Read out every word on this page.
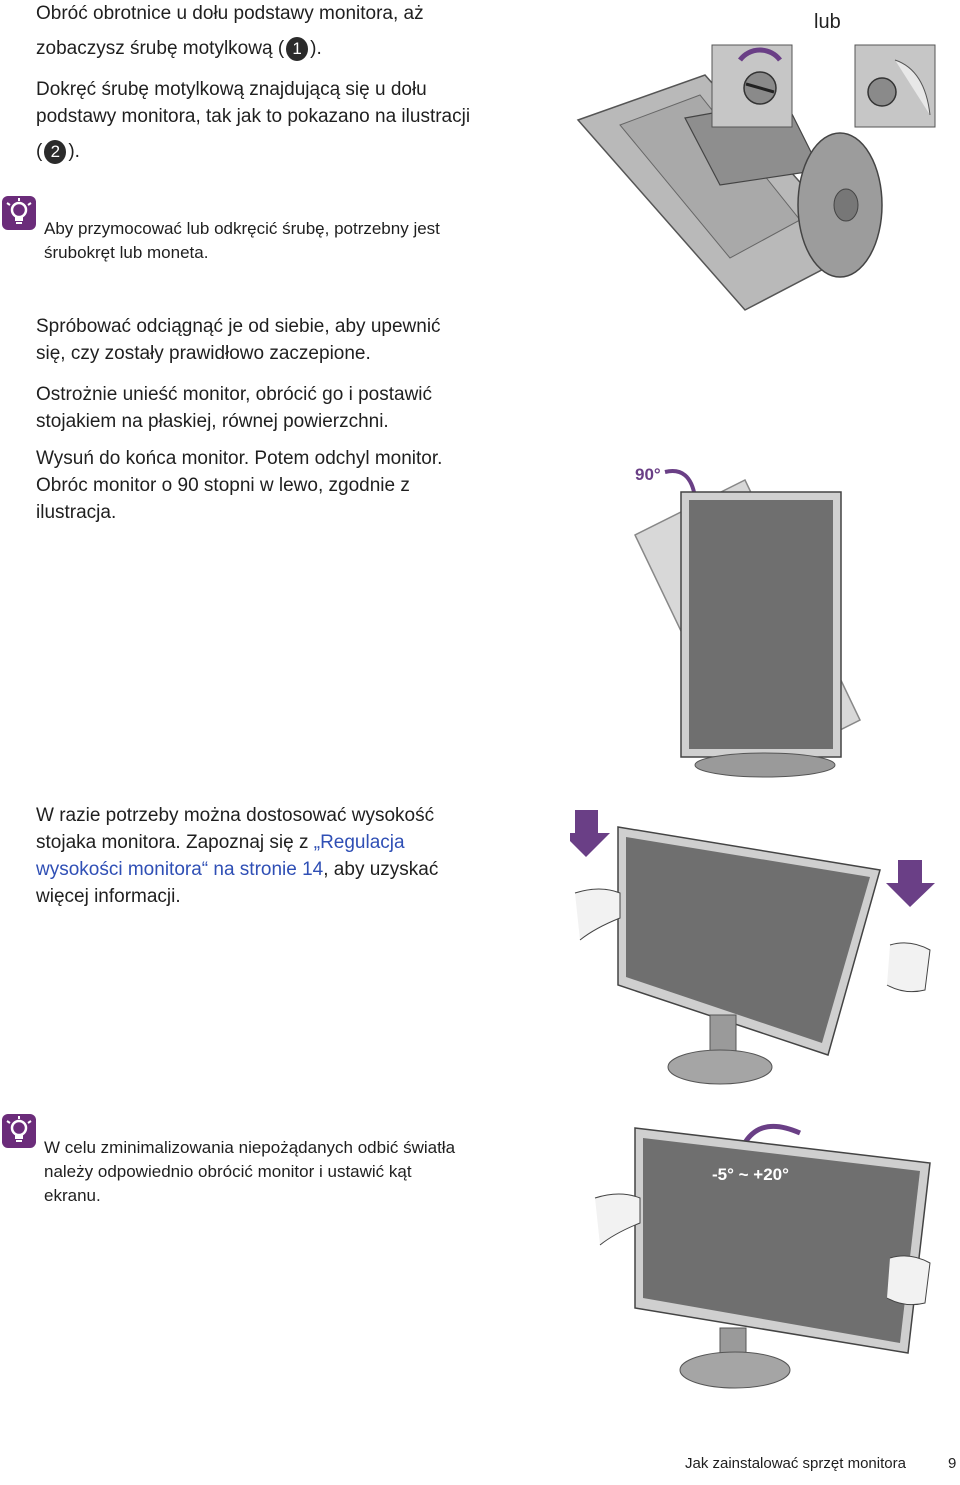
Obróć obrotnice u dołu podstawy monitora, aż
zobaczysz śrubę motylkową ( 1 ).
Dokręć śrubę motylkową znajdującą się u dołu
podstawy monitora, tak jak to pokazano na ilustracji
( 2 ).
Aby przymocować lub odkręcić śrubę, potrzebny jest
śrubokręt lub moneta.
Spróbować odciągnąć je od siebie, aby upewnić
się, czy zostały prawidłowo zaczepione.
Ostrożnie unieść monitor, obrócić go i postawić
stojakiem na płaskiej, równej powierzchni.
Wysuń do końca monitor. Potem odchyl monitor.
Obróc monitor o 90 stopni w lewo, zgodnie z
ilustracja.
W razie potrzeby można dostosować wysokość
stojaka monitora. Zapoznaj się z „Regulacja
wysokości monitora“ na stronie 14, aby uzyskać
więcej informacji.
W celu zminimalizowania niepożądanych odbić światła
należy odpowiednio obrócić monitor i ustawić kąt
ekranu.
lub
90°
-5° ~ +20°
Jak zainstalować sprzęt monitora	9
